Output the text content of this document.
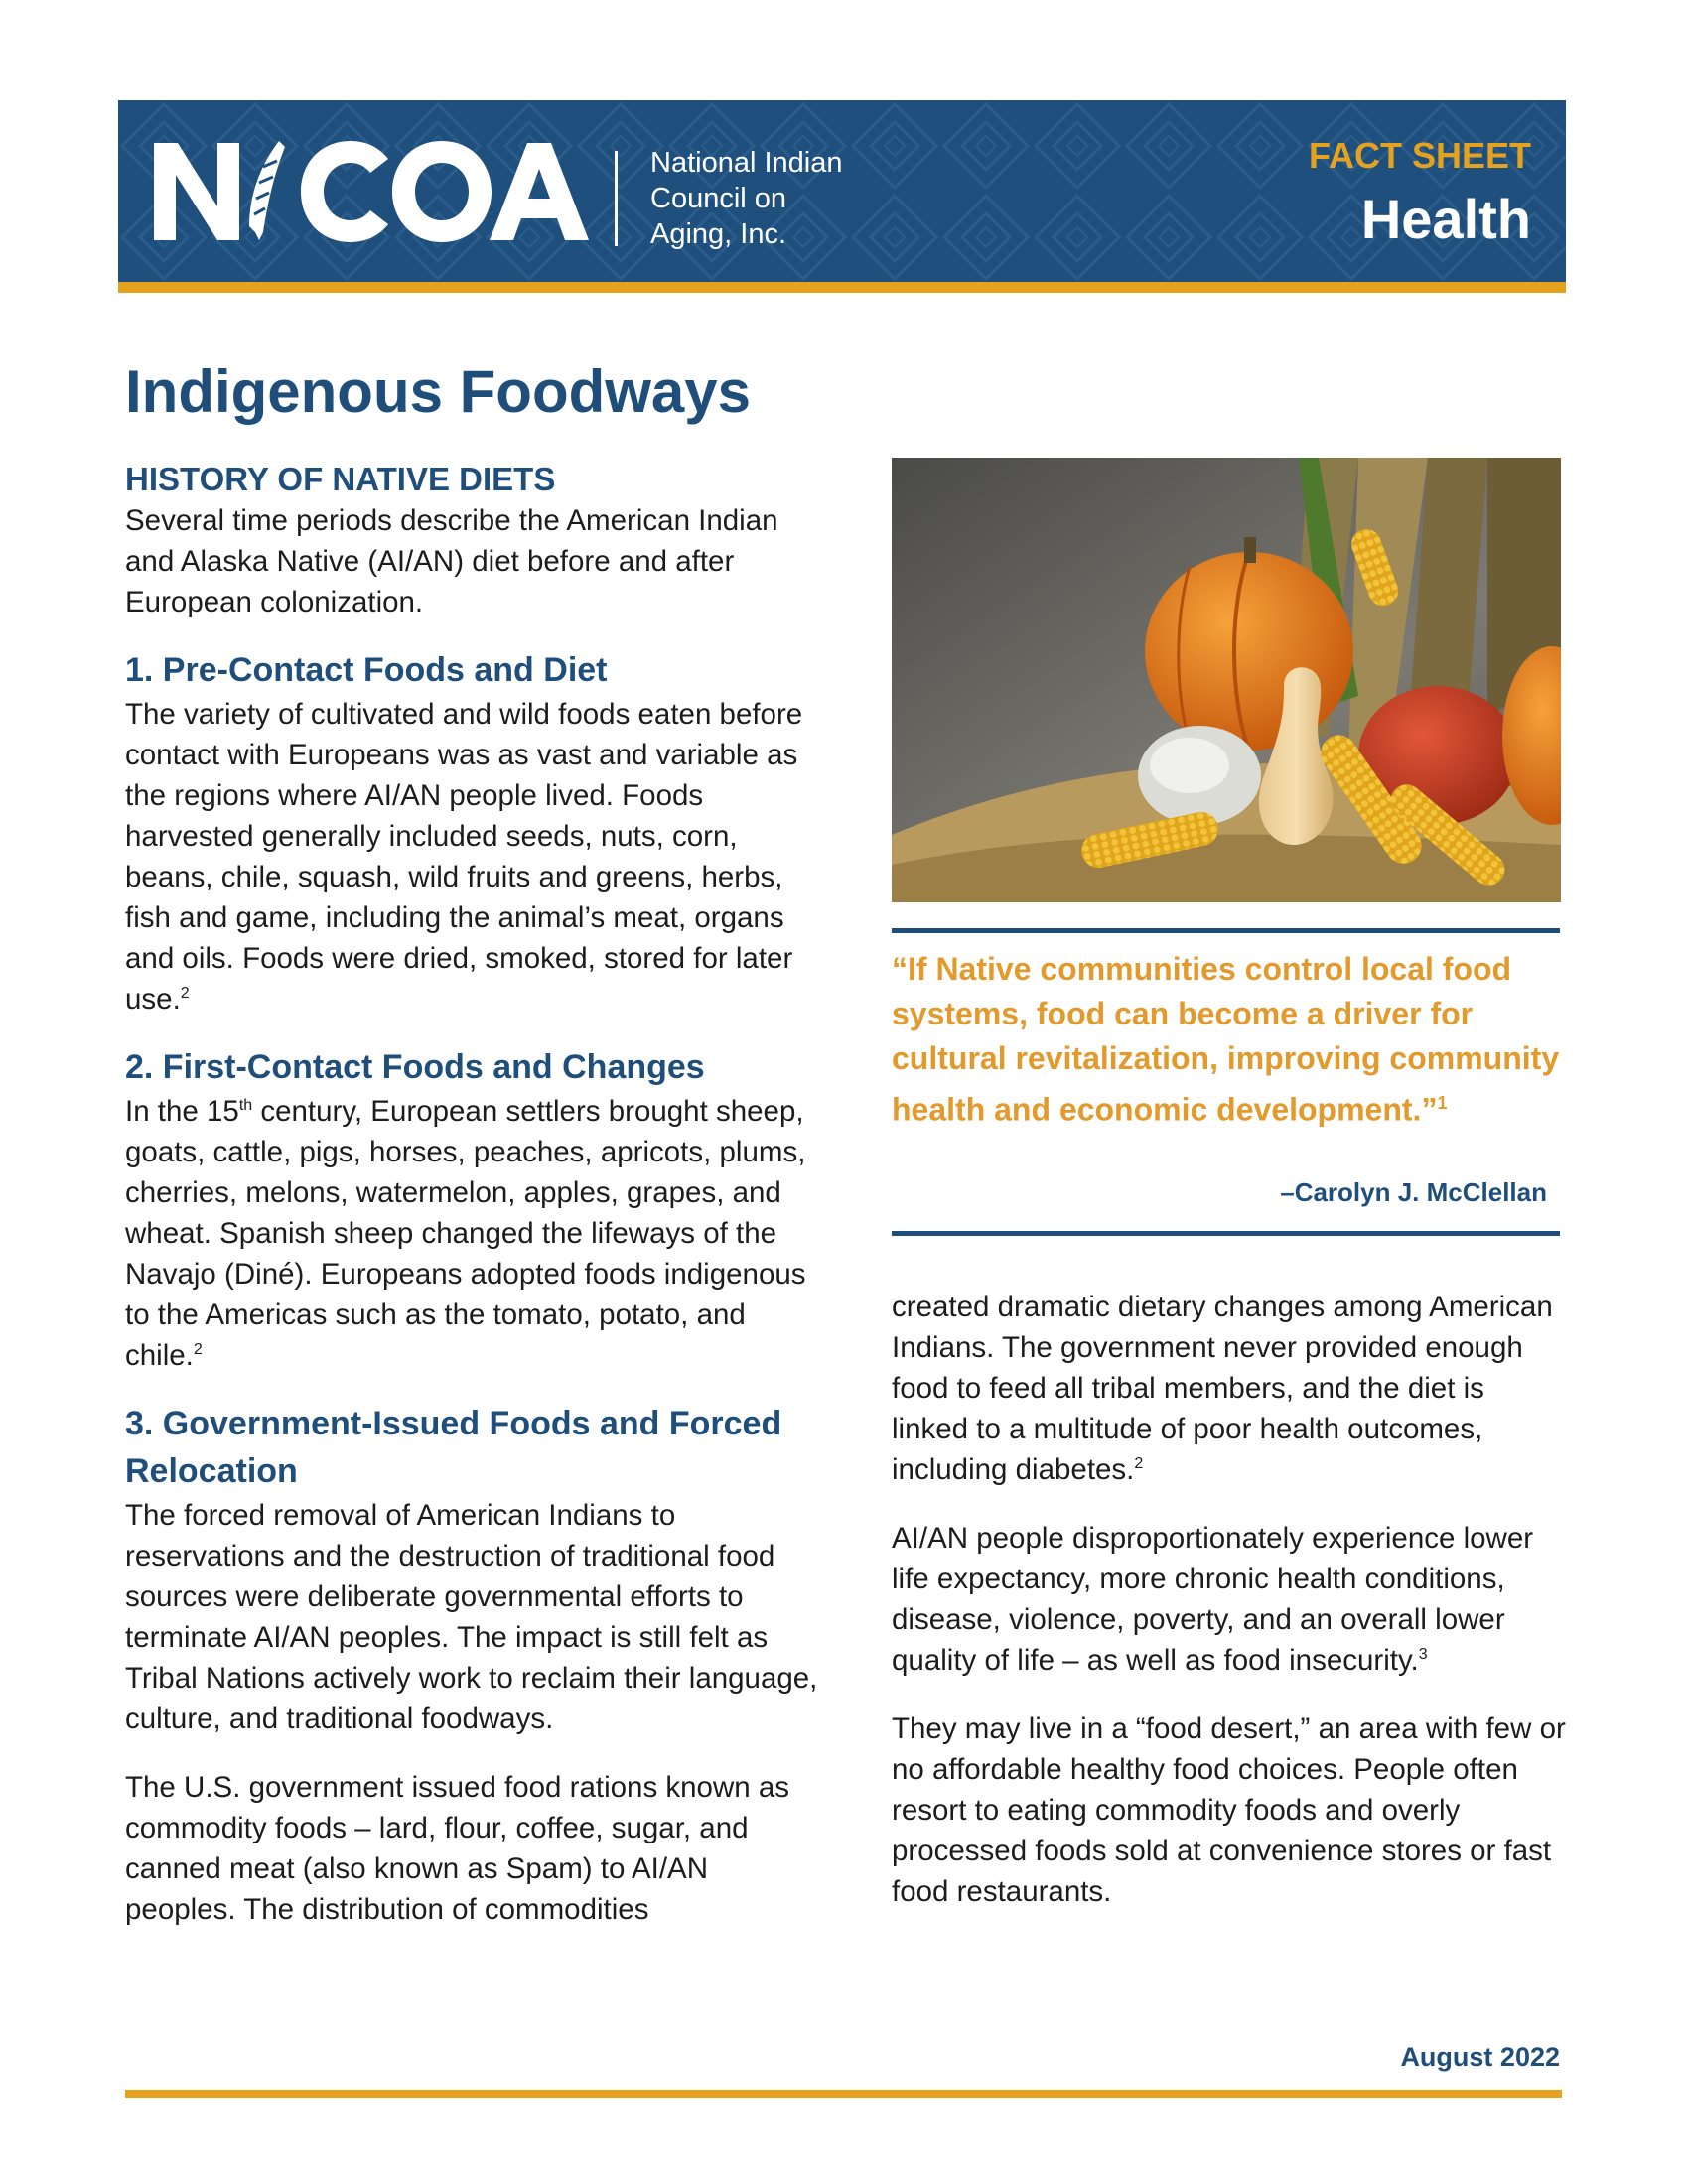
National Indian
Council on
Aging, Inc.
FACT SHEET
Health
Indigenous Foodways
HISTORY OF NATIVE DIETS

Several time periods describe the American Indian and Alaska Native (AI/AN) diet before and after European colonization.

1. Pre-Contact Foods and Diet

The variety of cultivated and wild foods eaten before contact with Europeans was as vast and variable as the regions where AI/AN people lived. Foods harvested generally included seeds, nuts, corn, beans, chile, squash, wild fruits and greens, herbs, fish and game, including the animal’s meat, organs and oils. Foods were dried, smoked, stored for later use.$^2$

2. First-Contact Foods and Changes

In the 15th century, European settlers brought sheep, goats, cattle, pigs, horses, peaches, apricots, plums, cherries, melons, watermelon, apples, grapes, and wheat. Spanish sheep changed the lifeways of the Navajo (Diné). Europeans adopted foods indigenous to the Americas such as the tomato, potato, and chile.$^2$

3. Government-Issued Foods and Forced Relocation

The forced removal of American Indians to reservations and the destruction of traditional food sources were deliberate governmental efforts to terminate AI/AN peoples. The impact is still felt as Tribal Nations actively work to reclaim their language, culture, and traditional foodways.

The U.S. government issued food rations known as commodity foods – lard, flour, coffee, sugar, and canned meat (also known as Spam) to AI/AN peoples. The distribution of commodities

“If Native communities control local food systems, food can become a driver for cultural revitalization, improving community health and economic development.”$^1$

–Carolyn J. McClellan

created dramatic dietary changes among American Indians. The government never provided enough food to feed all tribal members, and the diet is linked to a multitude of poor health outcomes, including diabetes.$^2$

AI/AN people disproportionately experience lower life expectancy, more chronic health conditions, disease, violence, poverty, and an overall lower quality of life – as well as food insecurity.$^3$

They may live in a “food desert,” an area with few or no affordable healthy food choices. People often resort to eating commodity foods and overly processed foods sold at convenience stores or fast food restaurants.

August 2022
